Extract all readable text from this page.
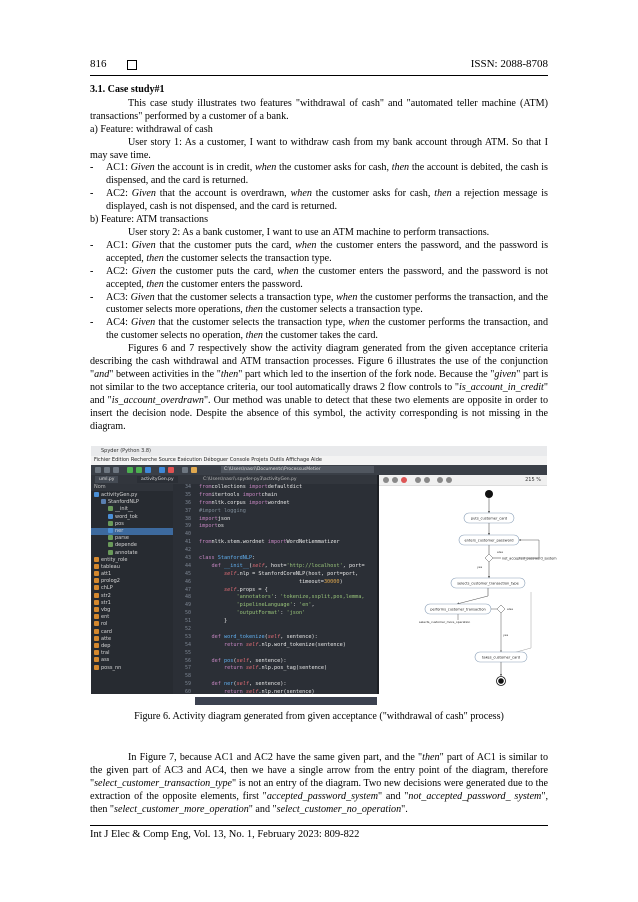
816	ISSN: 2088-8708

3.1. Case study#1

This case study illustrates two features "withdrawal of cash" and "automated teller machine (ATM) transactions" performed by a customer of a bank.

a) Feature: withdrawal of cash

User story 1: As a customer, I want to withdraw cash from my bank account through ATM. So that I may save time.

- AC1: Given the account is in credit, when the customer asks for cash, then the account is debited, the cash is dispensed, and the card is returned.
- AC2: Given that the account is overdrawn, when the customer asks for cash, then a rejection message is displayed, cash is not dispensed, and the card is returned.

b) Feature: ATM transactions

User story 2: As a bank customer, I want to use an ATM machine to perform transactions.

- AC1: Given that the customer puts the card, when the customer enters the password, and the password is accepted, then the customer selects the transaction type.
- AC2: Given the customer puts the card, when the customer enters the password, and the password is not accepted, then the customer enters the password.
- AC3: Given that the customer selects a transaction type, when the customer performs the transaction, and the customer selects more operations, then the customer selects a transaction type.
- AC4: Given that the customer selects the transaction type, when the customer performs the transaction, and the customer selects no operation, then the customer takes the card.

Figures 6 and 7 respectively show the activity diagram generated from the given acceptance criteria describing the cash withdrawal and ATM transaction processes. Figure 6 illustrates the use of the conjunction "and" between activities in the "then" part which led to the insertion of the fork node. Because the "given" part is not similar to the two acceptance criteria, our tool automatically draws 2 flow controls to "is_account_in_credit" and "is_account_overdrawn". Our method was unable to detect that these two elements are opposite in order to insert the decision node. Despite the absence of this symbol, the activity corresponding is not missing in the diagram.

Spyder (Python 3.8)
Fichier Edition Recherche Source Exécution Déboguer Console Projets Outils Affichage Aide
C:\Users\nasri\Documents\ProcessusMetier
uml.py	activityGen.py	C:\Users\nasri\.spyder-py3\activityGen.py
Nom
activityGen.py
StanfordNLP
__init__
word_tok
pos
ner
parse
depende
annotate
entity_role
tableau
att1
prolog2
chLP
str2
str1
vbg
ent
rol
card
atte
dep
tral
ass
poss_nn
34
35
36
37
38
39
40
41
42
43
44
45
46
47
48
49
50
51
52
53
54
55
56
57
58
59
60
61
fromcollections importdefaultdict
fromitertools importchain
fromnltk.corpus importwordnet
#import logging
importjson
importos
fromnltk.stem.wordnet importWordNetLemmatizer
class StanfordNLP:
def __init__(self, host='http://localhost', port=
self.nlp = StanfordCoreNLP(host, port=port,
timeout=30000)
self.props = {
'annotators': 'tokenize,ssplit,pos,lemma,
'pipelineLanguage': 'en',
'outputFormat': 'json'
}
def word_tokenize(self, sentence):
return self.nlp.word_tokenize(sentence)
def pos(self, sentence):
return self.nlp.pos_tag(sentence)
def ner(self, sentence):
return self.nlp.ner(sentence)
215 %
puts_customer_card
enters_customer_password
else
not_accepted_password_system
yes
selects_customer_transaction_type
performs_customer_transaction	else
selects_customer_more_operation
yes
takes_customer_card
Figure 6. Activity diagram generated from given acceptance ("withdrawal of cash" process)

In Figure 7, because AC1 and AC2 have the same given part, and the "then" part of AC1 is similar to the given part of AC3 and AC4, then we have a single arrow from the entry point of the diagram, therefore "select_customer_transaction_type" is not an entry of the diagram. Two new decisions were generated due to the extraction of the opposite elements, first "accepted_password_system" and "not_accepted_password_ system", then "select_customer_more_operation" and "select_customer_no_operation".

Int J Elec & Comp Eng, Vol. 13, No. 1, February 2023: 809-822
